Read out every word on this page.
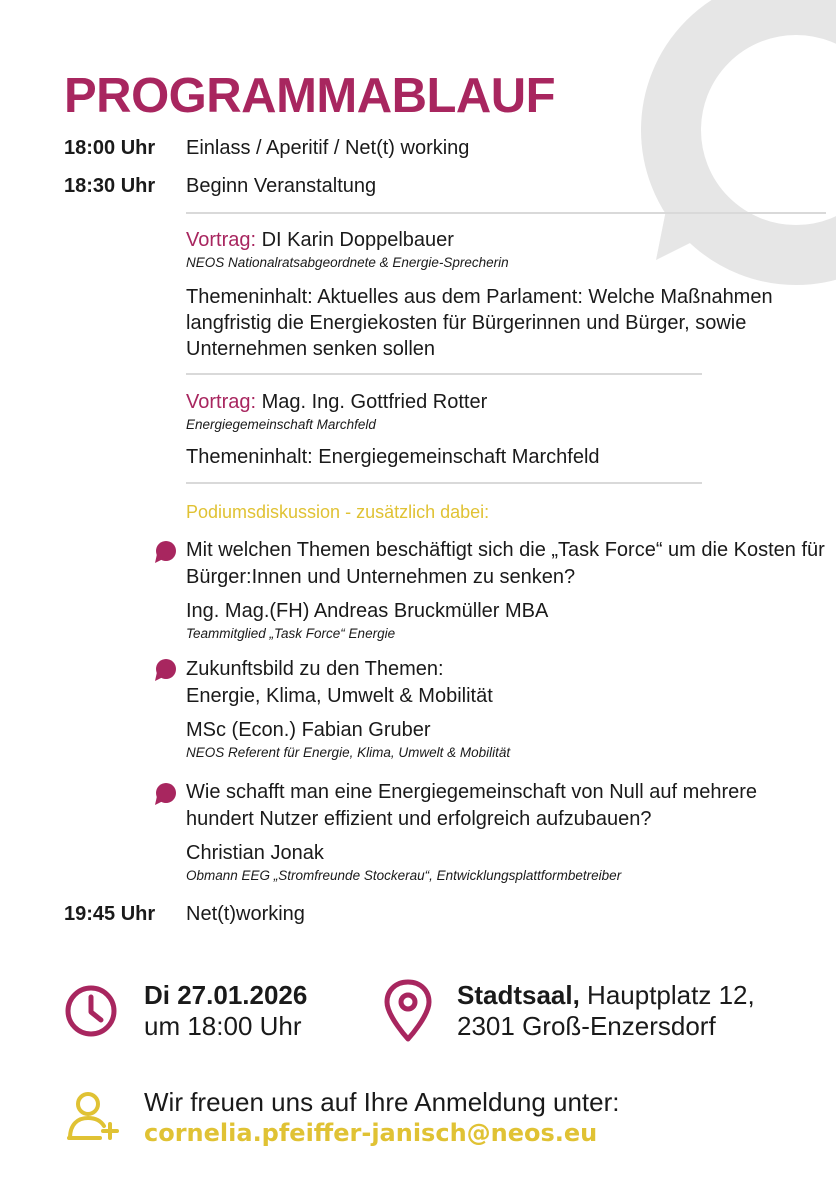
PROGRAMMABLAUF
18:00 Uhr Einlass / Aperitif / Net(t) working
18:30 Uhr Beginn Veranstaltung
Vortrag: DI Karin Doppelbauer
NEOS Nationalratsabgeordnete & Energie-Sprecherin
Themeninhalt: Aktuelles aus dem Parlament: Welche Maßnahmen langfristig die Energiekosten für Bürgerinnen und Bürger, sowie Unternehmen senken sollen
Vortrag: Mag. Ing. Gottfried Rotter
Energiegemeinschaft Marchfeld
Themeninhalt: Energiegemeinschaft Marchfeld
Podiumsdiskussion - zusätzlich dabei:
Mit welchen Themen beschäftigt sich die „Task Force“ um die Kosten für Bürger:Innen und Unternehmen zu senken?
Ing. Mag.(FH) Andreas Bruckmüller MBA
Teammitglied „Task Force“ Energie
Zukunftsbild zu den Themen:
Energie, Klima, Umwelt & Mobilität
MSc (Econ.) Fabian Gruber
NEOS Referent für Energie, Klima, Umwelt & Mobilität
Wie schafft man eine Energiegemeinschaft von Null auf mehrere hundert Nutzer effizient und erfolgreich aufzubauen?
Christian Jonak
Obmann EEG „Stromfreunde Stockerau“, Entwicklungsplattformbetreiber
19:45 Uhr Net(t)working
Di 27.01.2026
um 18:00 Uhr
Stadtsaal, Hauptplatz 12,
2301 Groß-Enzersdorf
Wir freuen uns auf Ihre Anmeldung unter:
cornelia.pfeiffer-janisch@neos.eu
